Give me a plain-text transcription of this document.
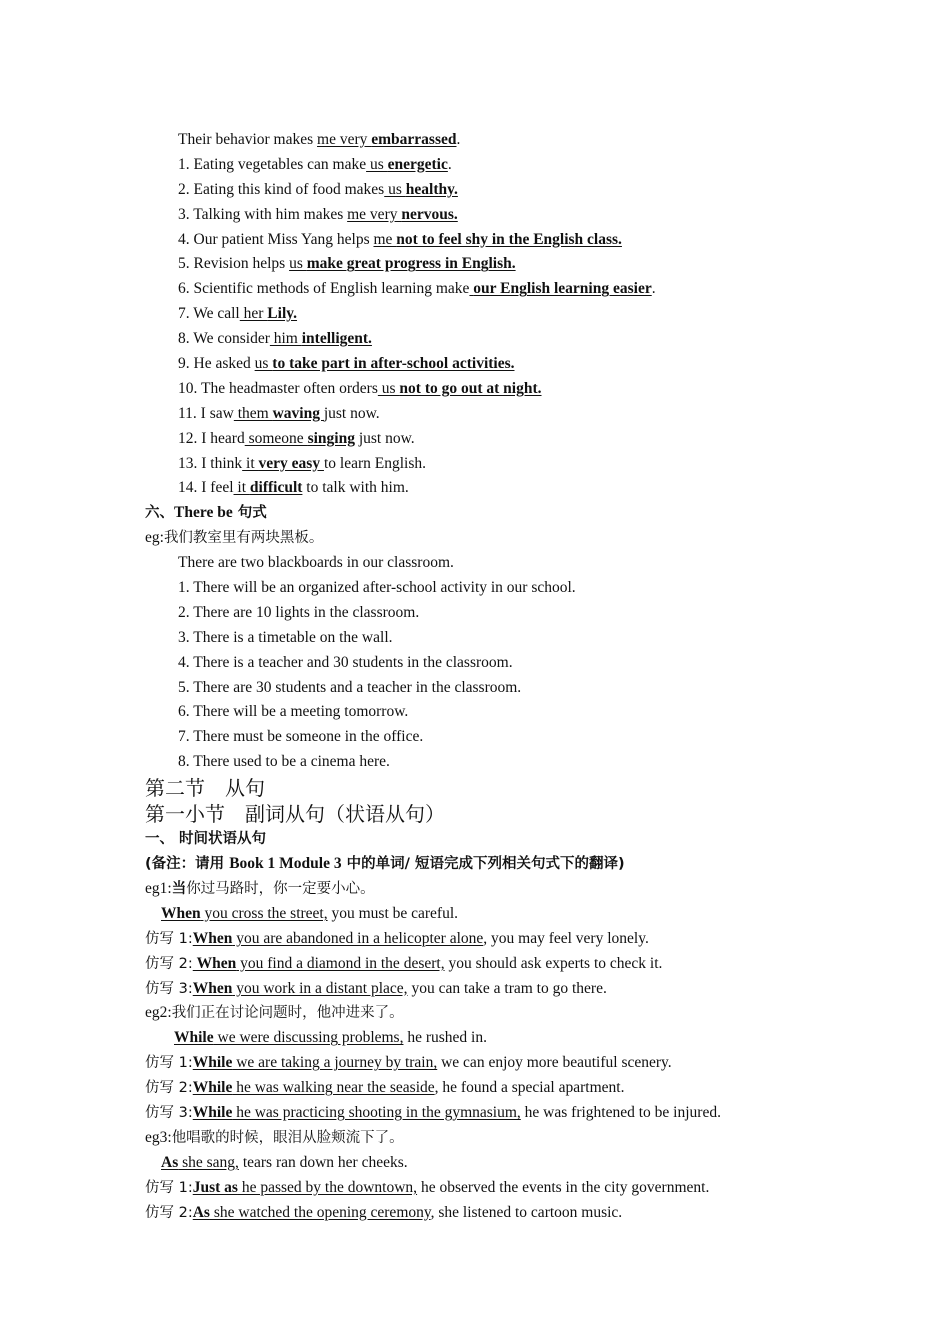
Their behavior makes me very embarrassed.
1. Eating vegetables can make us energetic.
2. Eating this kind of food makes us healthy.
3. Talking with him makes me very nervous.
4. Our patient Miss Yang helps me not to feel shy in the English class.
5. Revision helps us make great progress in English.
6. Scientific methods of English learning make our English learning easier.
7. We call her Lily.
8. We consider him intelligent.
9. He asked us to take part in after-school activities.
10. The headmaster often orders us not to go out at night.
11. I saw them waving just now.
12. I heard someone singing just now.
13. I think it very easy to learn English.
14. I feel it difficult to talk with him.
六、There be 句式
eg:我们教室里有两块黑板。
There are two blackboards in our classroom.
1. There will be an organized after-school activity in our school.
2. There are 10 lights in the classroom.
3. There is a timetable on the wall.
4. There is a teacher and 30 students in the classroom.
5. There are 30 students and a teacher in the classroom.
6. There will be a meeting tomorrow.
7. There must be someone in the office.
8. There used to be a cinema here.
第二节　从句
第一小节　副词从句（状语从句）
一、 时间状语从句
(备注：请用 Book 1 Module 3 中的单词/ 短语完成下列相关句式下的翻译)
eg1:当你过马路时，你一定要小心。
When you cross the street, you must be careful.
仿写 1:When you are abandoned in a helicopter alone, you may feel very lonely.
仿写 2: When you find a diamond in the desert, you should ask experts to check it.
仿写 3:When you work in a distant place, you can take a tram to go there.
eg2:我们正在讨论问题时，他冲进来了。
While we were discussing problems, he rushed in.
仿写 1:While we are taking a journey by train, we can enjoy more beautiful scenery.
仿写 2:While he was walking near the seaside, he found a special apartment.
仿写 3:While he was practicing shooting in the gymnasium, he was frightened to be injured.
eg3:他唱歌的时候，眼泪从脸颊流下了。
As she sang, tears ran down her cheeks.
仿写 1:Just as he passed by the downtown, he observed the events in the city government.
仿写 2:As she watched the opening ceremony, she listened to cartoon music.
